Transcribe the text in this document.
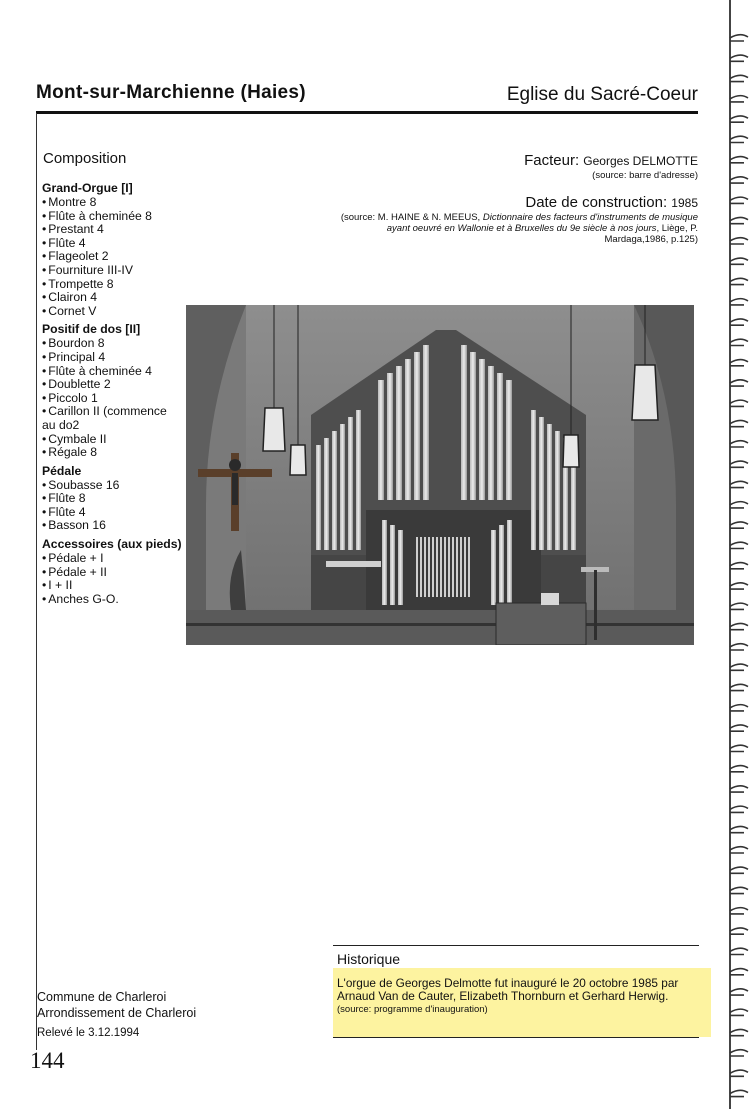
Mont-sur-Marchienne (Haies)	Eglise du Sacré-Coeur
Composition
Grand-Orgue [I]
• Montre 8
• Flûte à cheminée 8
• Prestant 4
• Flûte 4
• Flageolet 2
• Fourniture III-IV
• Trompette 8
• Clairon 4
• Cornet V
Positif de dos [II]
• Bourdon 8
• Principal 4
• Flûte à cheminée 4
• Doublette 2
• Piccolo 1
• Carillon II (commence au do2
• Cymbale II
• Régale 8
Pédale
• Soubasse 16
• Flûte 8
• Flûte 4
• Basson 16
Accessoires (aux pieds)
• Pédale + I
• Pédale + II
• I + II
• Anches G-O.
Facteur: Georges DELMOTTE
(source: barre d'adresse)
Date de construction: 1985
(source: M. HAINE & N. MEEUS, Dictionnaire des facteurs d'instruments de musique ayant oeuvré en Wallonie et à Bruxelles du 9e siècle à nos jours, Liège, P. Mardaga,1986, p.125)
Historique
L'orgue de Georges Delmotte fut inauguré le 20 octobre 1985 par Arnaud Van de Cauter, Elizabeth Thornburn et Gerhard Herwig.
(source: programme d'inauguration)
Commune de Charleroi
Arrondissement de Charleroi
Relevé le 3.12.1994
144
